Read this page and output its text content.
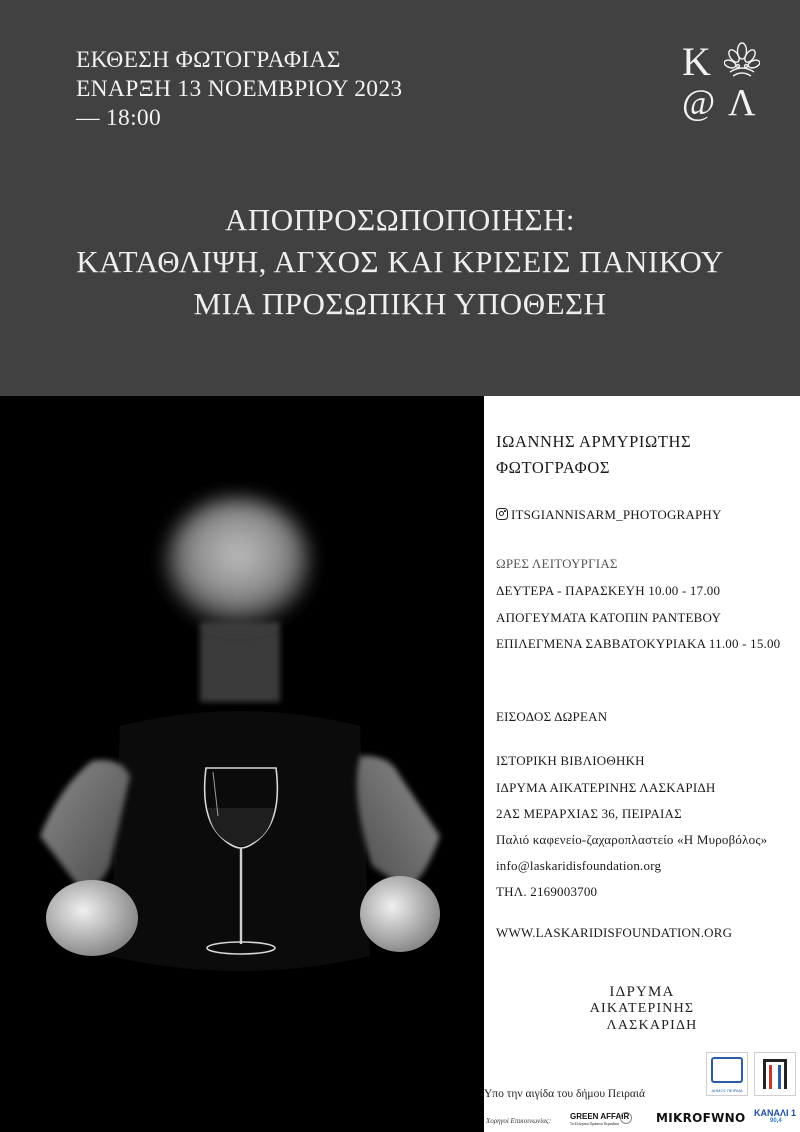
ΕΚΘΕΣΗ ΦΩΤΟΓΡΑΦΙΑΣ
ΕΝΑΡΞΗ 13 ΝΟΕΜΒΡΙΟΥ 2023
— 18:00
Κ
@ Λ
ΑΠΟΠΡΟΣΩΠΟΠΟΙΗΣΗ:
ΚΑΤΑΘΛΙΨΗ, ΑΓΧΟΣ ΚΑΙ ΚΡΙΣΕΙΣ ΠΑΝΙΚΟΥ
ΜΙΑ ΠΡΟΣΩΠΙΚΗ ΥΠΟΘΕΣΗ
ΙΩΑΝΝΗΣ ΑΡΜΥΡΙΩΤΗΣ
ΦΩΤΟΓΡΑΦΟΣ
ITSGIANNISARM_PHOTOGRAPHY
ΩΡΕΣ ΛΕΙΤΟΥΡΓΙΑΣ
ΔΕΥΤΕΡΑ - ΠΑΡΑΣΚΕΥΗ 10.00 - 17.00
ΑΠΟΓΕΥΜΑΤΑ ΚΑΤΟΠΙΝ ΡΑΝΤΕΒΟΥ
ΕΠΙΛΕΓΜΕΝΑ ΣΑΒΒΑΤΟΚΥΡΙΑΚΑ 11.00 - 15.00
ΕΙΣΟΔΟΣ ΔΩΡΕΑΝ
ΙΣΤΟΡΙΚΗ ΒΙΒΛΙΟΘΗΚΗ
ΙΔΡΥΜΑ ΑΙΚΑΤΕΡΙΝΗΣ ΛΑΣΚΑΡΙΔΗ
2ΑΣ ΜΕΡΑΡΧΙΑΣ 36, ΠΕΙΡΑΙΑΣ
Παλιό καφενείο-ζαχαροπλαστείο «Η Μυροβόλος»
info@laskaridisfoundation.org
ΤΗΛ. 2169003700
WWW.LASKARIDISFOUNDATION.ORG
ΙΔΡΥΜΑ
ΑΙΚΑΤΕΡΙΝΗΣ
ΛΑΣΚΑΡΙΔΗ
ΔΗΜΟΣ ΠΕΙΡΑΙΑ
Υπο την αιγίδα του δήμου Πειραιά
Χορηγοί Επικοινωνίας: GREEN AFFAIR
Το Ελληνικό Πράσινο Περιοδικό	MIKROFWNO ΚΑΝΑΛΙ 1
90,4
